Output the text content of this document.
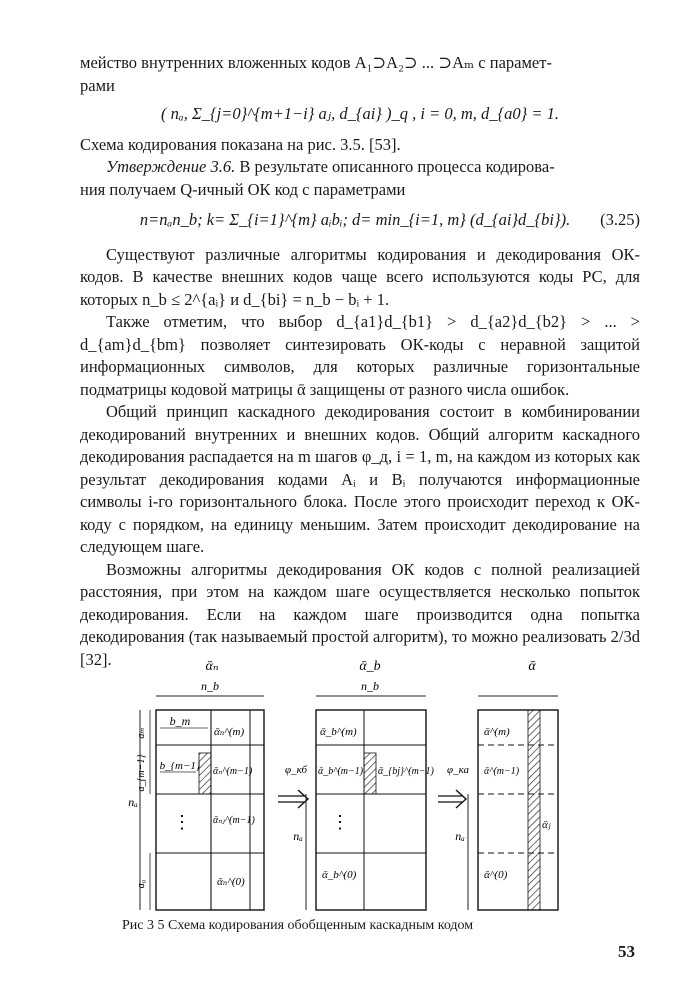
мейство внутренних вложенных кодов A₁⊃A₂⊃ ... ⊃Aₘ с парамет-

рами

( nₐ, Σ_{j=0}^{m+1−i} aⱼ, d_{ai} )_q , i = 0, m, d_{a0} = 1.

Схема кодирования показана на рис. 3.5. [53].

Утверждение 3.6. В результате описанного процесса кодирова-

ния получаем Q-ичный ОК код с параметрами

n=nₐn_b; k= Σ_{i=1}^{m} aᵢbᵢ; d= min_{i=1, m} (d_{ai}d_{bi}).	(3.25)

Существуют различные алгоритмы кодирования и декодирования ОК-кодов. В качестве внешних кодов чаще всего используются коды РС, для которых n_b ≤ 2^{aᵢ} и d_{bi} = n_b − bᵢ + 1.

Также отметим, что выбор d_{a1}d_{b1} > d_{a2}d_{b2} > ... > d_{am}d_{bm} позволяет синтезировать ОК-коды с неравной защитой информационных символов, для которых различные горизонтальные подматрицы кодовой матрицы ᾱ защищены от разного числа ошибок.

Общий принцип каскадного декодирования состоит в комбинировании декодирований внутренних и внешних кодов. Общий алгоритм каскадного декодирования распадается на m шагов φ_д, i = 1, m, на каждом из которых как результат декодирования кодами Aᵢ и Bᵢ получаются информационные символы i-го горизонтального блока. После этого происходит переход к ОК-коду с порядком, на единицу меньшим. Затем происходит декодирование на следующем шаге.

Возможны алгоритмы декодирования ОК кодов с полной реализацией расстояния, при этом на каждом шаге осуществляется несколько попыток декодирования. Если на каждом шаге производится одна попытка декодирования (так называемый простой алгоритм), то можно реализовать 2/3d [32].	ᾱₙ
n_b
b_m
b_{m−1}
ᾱₙ^(m)
ᾱₙ^(m−1)
ᾱₙⱼ^(m−1)
ᾱₙ^(0)
⋮
nₐ
aₘ
a_{m−1}
a₀
φ_кб
ᾱ_b
n_b
ᾱ_b^(m)
ᾱ_b^(m−1) ᾱ_{bj}^(m−1)
ᾱ_b^(0)
⋮
nₐ
φ_ка
ᾱ
ᾱ^(m)
ᾱ^(m−1)
ᾱⱼ
ᾱ^(0)
nₐ
Рис 3 5 Схема кодирования обобщенным каскадным кодом
53
